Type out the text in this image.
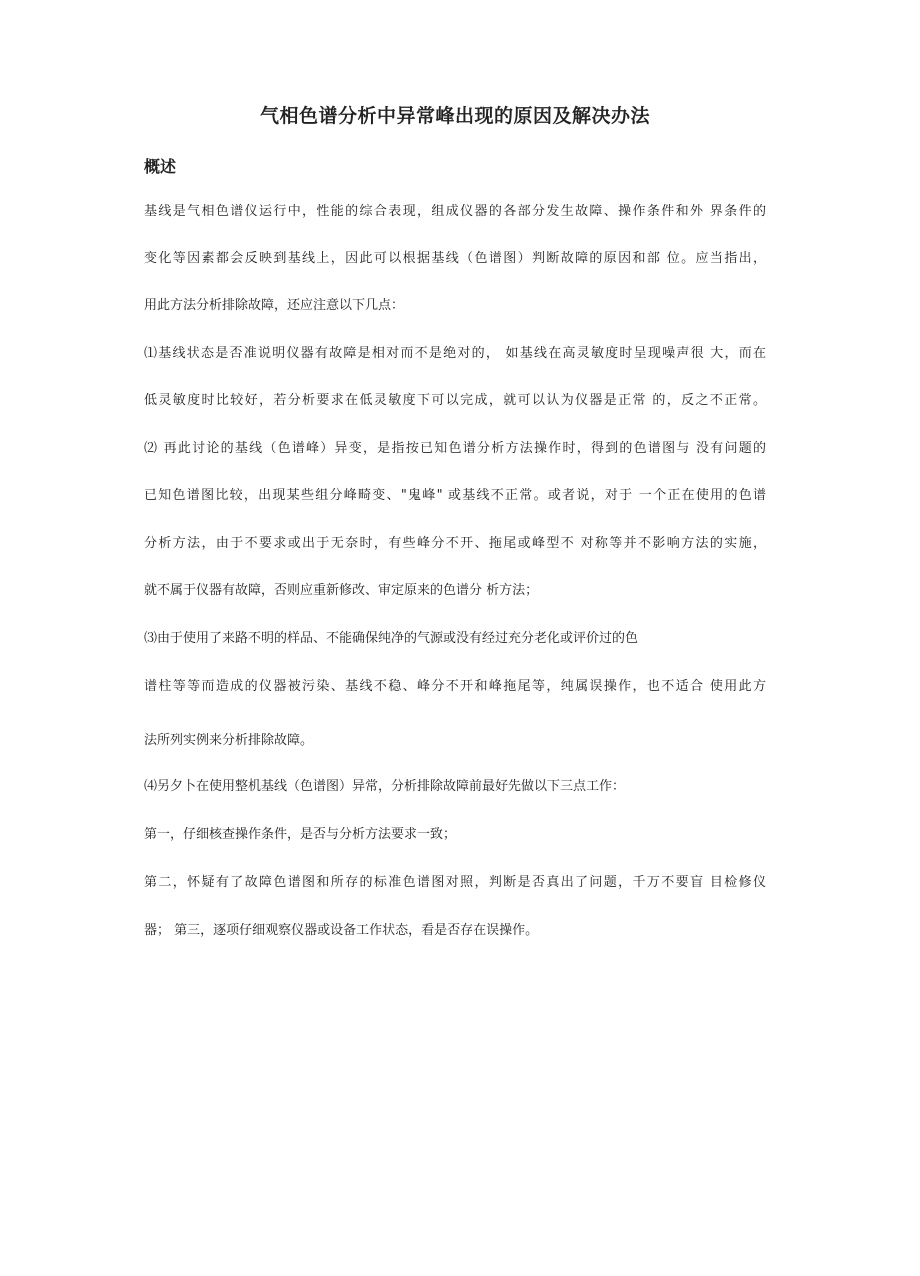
气相色谱分析中异常峰出现的原因及解决办法
概述
基线是气相色谱仪运行中，性能的综合表现，组成仪器的各部分发生故障、操作条件和外 界条件的
变化等因素都会反映到基线上，因此可以根据基线（色谱图）判断故障的原因和部 位。应当指出，
用此方法分析排除故障，还应注意以下几点：
⑴基线状态是否准说明仪器有故障是相对而不是绝对的， 如基线在高灵敏度时呈现噪声很 大，而在
低灵敏度时比较好，若分析要求在低灵敏度下可以完成，就可以认为仪器是正常 的，反之不正常。
⑵ 再此讨论的基线（色谱峰）异变，是指按已知色谱分析方法操作时，得到的色谱图与 没有问题的
已知色谱图比较，出现某些组分峰畸变、"鬼峰" 或基线不正常。或者说，对于 一个正在使用的色谱
分析方法，由于不要求或出于无奈时，有些峰分不开、拖尾或峰型不 对称等并不影响方法的实施，
就不属于仪器有故障，否则应重新修改、审定原来的色谱分 析方法；
⑶由于使用了来路不明的样品、不能确保纯净的气源或没有经过充分老化或评价过的色
谱柱等等而造成的仪器被污染、基线不稳、峰分不开和峰拖尾等，纯属误操作，也不适合 使用此方
法所列实例来分析排除故障。
⑷另夕卜在使用整机基线（色谱图）异常，分析排除故障前最好先做以下三点工作：
第一，仔细核查操作条件，是否与分析方法要求一致；
第二，怀疑有了故障色谱图和所存的标准色谱图对照，判断是否真出了问题，千万不要盲 目检修仪
器； 第三，逐项仔细观察仪器或设备工作状态，看是否存在误操作。
